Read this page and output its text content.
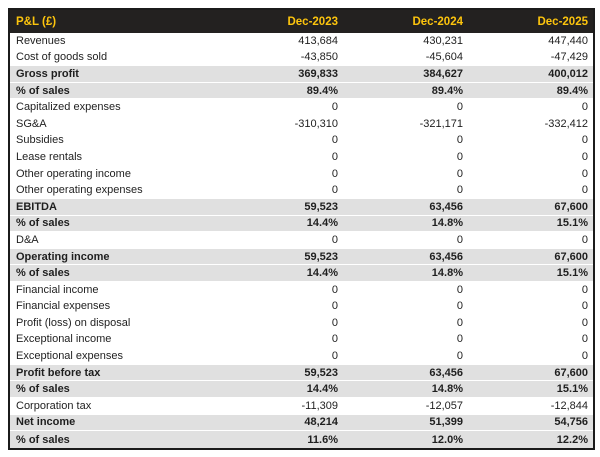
P&L (£)	Dec-2023	Dec-2024	Dec-2025
Revenues	413,684	430,231	447,440
Cost of goods sold	-43,850	-45,604	-47,429
Gross profit	369,833	384,627	400,012
% of sales	89.4%	89.4%	89.4%
Capitalized expenses	0	0	0
SG&A	-310,310	-321,171	-332,412
Subsidies	0	0	0
Lease rentals	0	0	0
Other operating income	0	0	0
Other operating expenses	0	0	0
EBITDA	59,523	63,456	67,600
% of sales	14.4%	14.8%	15.1%
D&A	0	0	0
Operating income	59,523	63,456	67,600
% of sales	14.4%	14.8%	15.1%
Financial income	0	0	0
Financial expenses	0	0	0
Profit (loss) on disposal	0	0	0
Exceptional income	0	0	0
Exceptional expenses	0	0	0
Profit before tax	59,523	63,456	67,600
% of sales	14.4%	14.8%	15.1%
Corporation tax	-11,309	-12,057	-12,844
Net income	48,214	51,399	54,756
% of sales	11.6%	12.0%	12.2%
